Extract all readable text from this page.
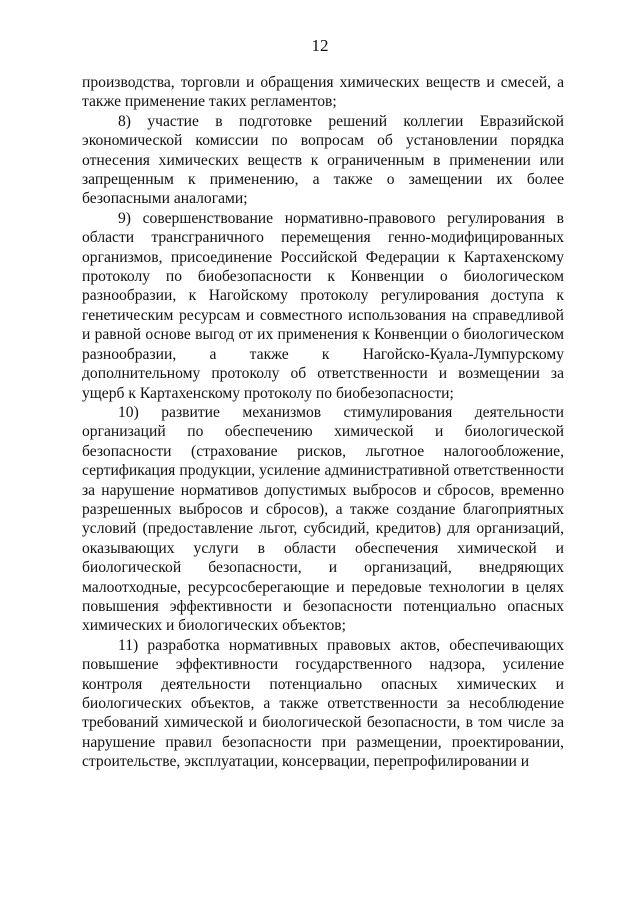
12

производства, торговли и обращения химических веществ и смесей, а также применение таких регламентов;

8) участие в подготовке решений коллегии Евразийской экономической комиссии по вопросам об установлении порядка отнесения химических веществ к ограниченным в применении или запрещенным к применению, а также о замещении их более безопасными аналогами;

9) совершенствование нормативно-правового регулирования в области трансграничного перемещения генно-модифицированных организмов, присоединение Российской Федерации к Картахенскому протоколу по биобезопасности к Конвенции о биологическом разнообразии, к Нагойскому протоколу регулирования доступа к генетическим ресурсам и совместного использования на справедливой и равной основе выгод от их применения к Конвенции о биологическом разнообразии, а также к Нагойско-Куала-Лумпурскому дополнительному протоколу об ответственности и возмещении за ущерб к Картахенскому протоколу по биобезопасности;

10) развитие механизмов стимулирования деятельности организаций по обеспечению химической и биологической безопасности (страхование рисков, льготное налогообложение, сертификация продукции, усиление административной ответственности за нарушение нормативов допустимых выбросов и сбросов, временно разрешенных выбросов и сбросов), а также создание благоприятных условий (предоставление льгот, субсидий, кредитов) для организаций, оказывающих услуги в области обеспечения химической и биологической безопасности, и организаций, внедряющих малоотходные, ресурсосберегающие и передовые технологии в целях повышения эффективности и безопасности потенциально опасных химических и биологических объектов;

11) разработка нормативных правовых актов, обеспечивающих повышение эффективности государственного надзора, усиление контроля деятельности потенциально опасных химических и биологических объектов, а также ответственности за несоблюдение требований химической и биологической безопасности, в том числе за нарушение правил безопасности при размещении, проектировании, строительстве, эксплуатации, консервации, перепрофилировании и
